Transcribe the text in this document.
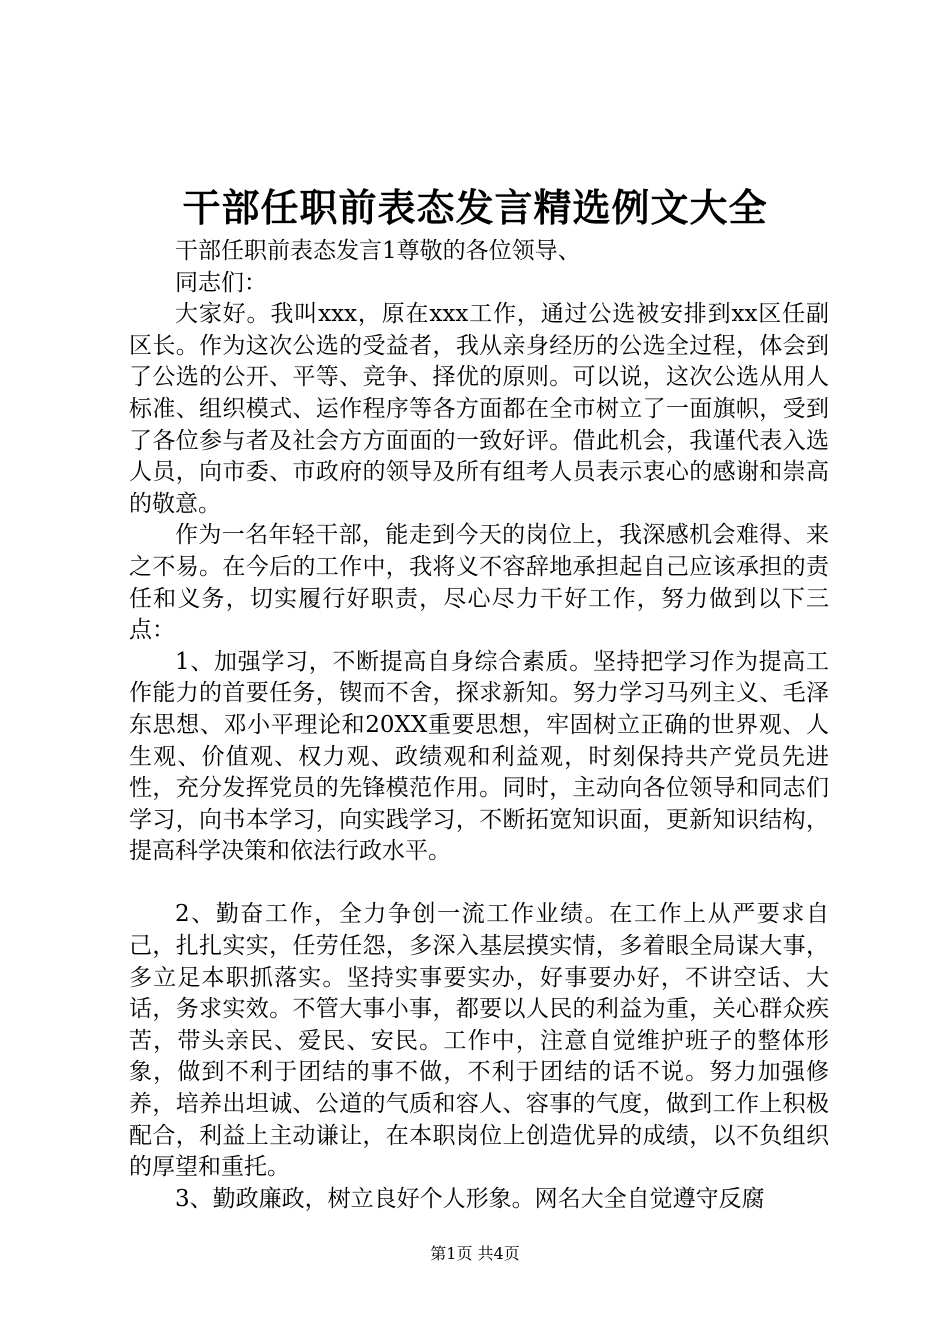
干部任职前表态发言精选例文大全

干部任职前表态发言1尊敬的各位领导、

同志们：

大家好。我叫xxx，原在xxx工作，通过公选被安排到xx区任副区长。作为这次公选的受益者，我从亲身经历的公选全过程，体会到了公选的公开、平等、竞争、择优的原则。可以说，这次公选从用人标准、组织模式、运作程序等各方面都在全市树立了一面旗帜，受到了各位参与者及社会方方面面的一致好评。借此机会，我谨代表入选人员，向市委、市政府的领导及所有组考人员表示衷心的感谢和崇高的敬意。

作为一名年轻干部，能走到今天的岗位上，我深感机会难得、来之不易。在今后的工作中，我将义不容辞地承担起自己应该承担的责任和义务，切实履行好职责，尽心尽力干好工作，努力做到以下三点：

1、加强学习，不断提高自身综合素质。坚持把学习作为提高工作能力的首要任务，锲而不舍，探求新知。努力学习马列主义、毛泽东思想、邓小平理论和20XX重要思想，牢固树立正确的世界观、人生观、价值观、权力观、政绩观和利益观，时刻保持共产党员先进性，充分发挥党员的先锋模范作用。同时，主动向各位领导和同志们学习，向书本学习，向实践学习，不断拓宽知识面，更新知识结构，提高科学决策和依法行政水平。

2、勤奋工作，全力争创一流工作业绩。在工作上从严要求自己，扎扎实实，任劳任怨，多深入基层摸实情，多着眼全局谋大事，多立足本职抓落实。坚持实事要实办，好事要办好，不讲空话、大话，务求实效。不管大事小事，都要以人民的利益为重，关心群众疾苦，带头亲民、爱民、安民。工作中，注意自觉维护班子的整体形象，做到不利于团结的事不做，不利于团结的话不说。努力加强修养，培养出坦诚、公道的气质和容人、容事的气度，做到工作上积极配合，利益上主动谦让，在本职岗位上创造优异的成绩，以不负组织的厚望和重托。

3、勤政廉政，树立良好个人形象。网名大全自觉遵守反腐

第1页 共4页
